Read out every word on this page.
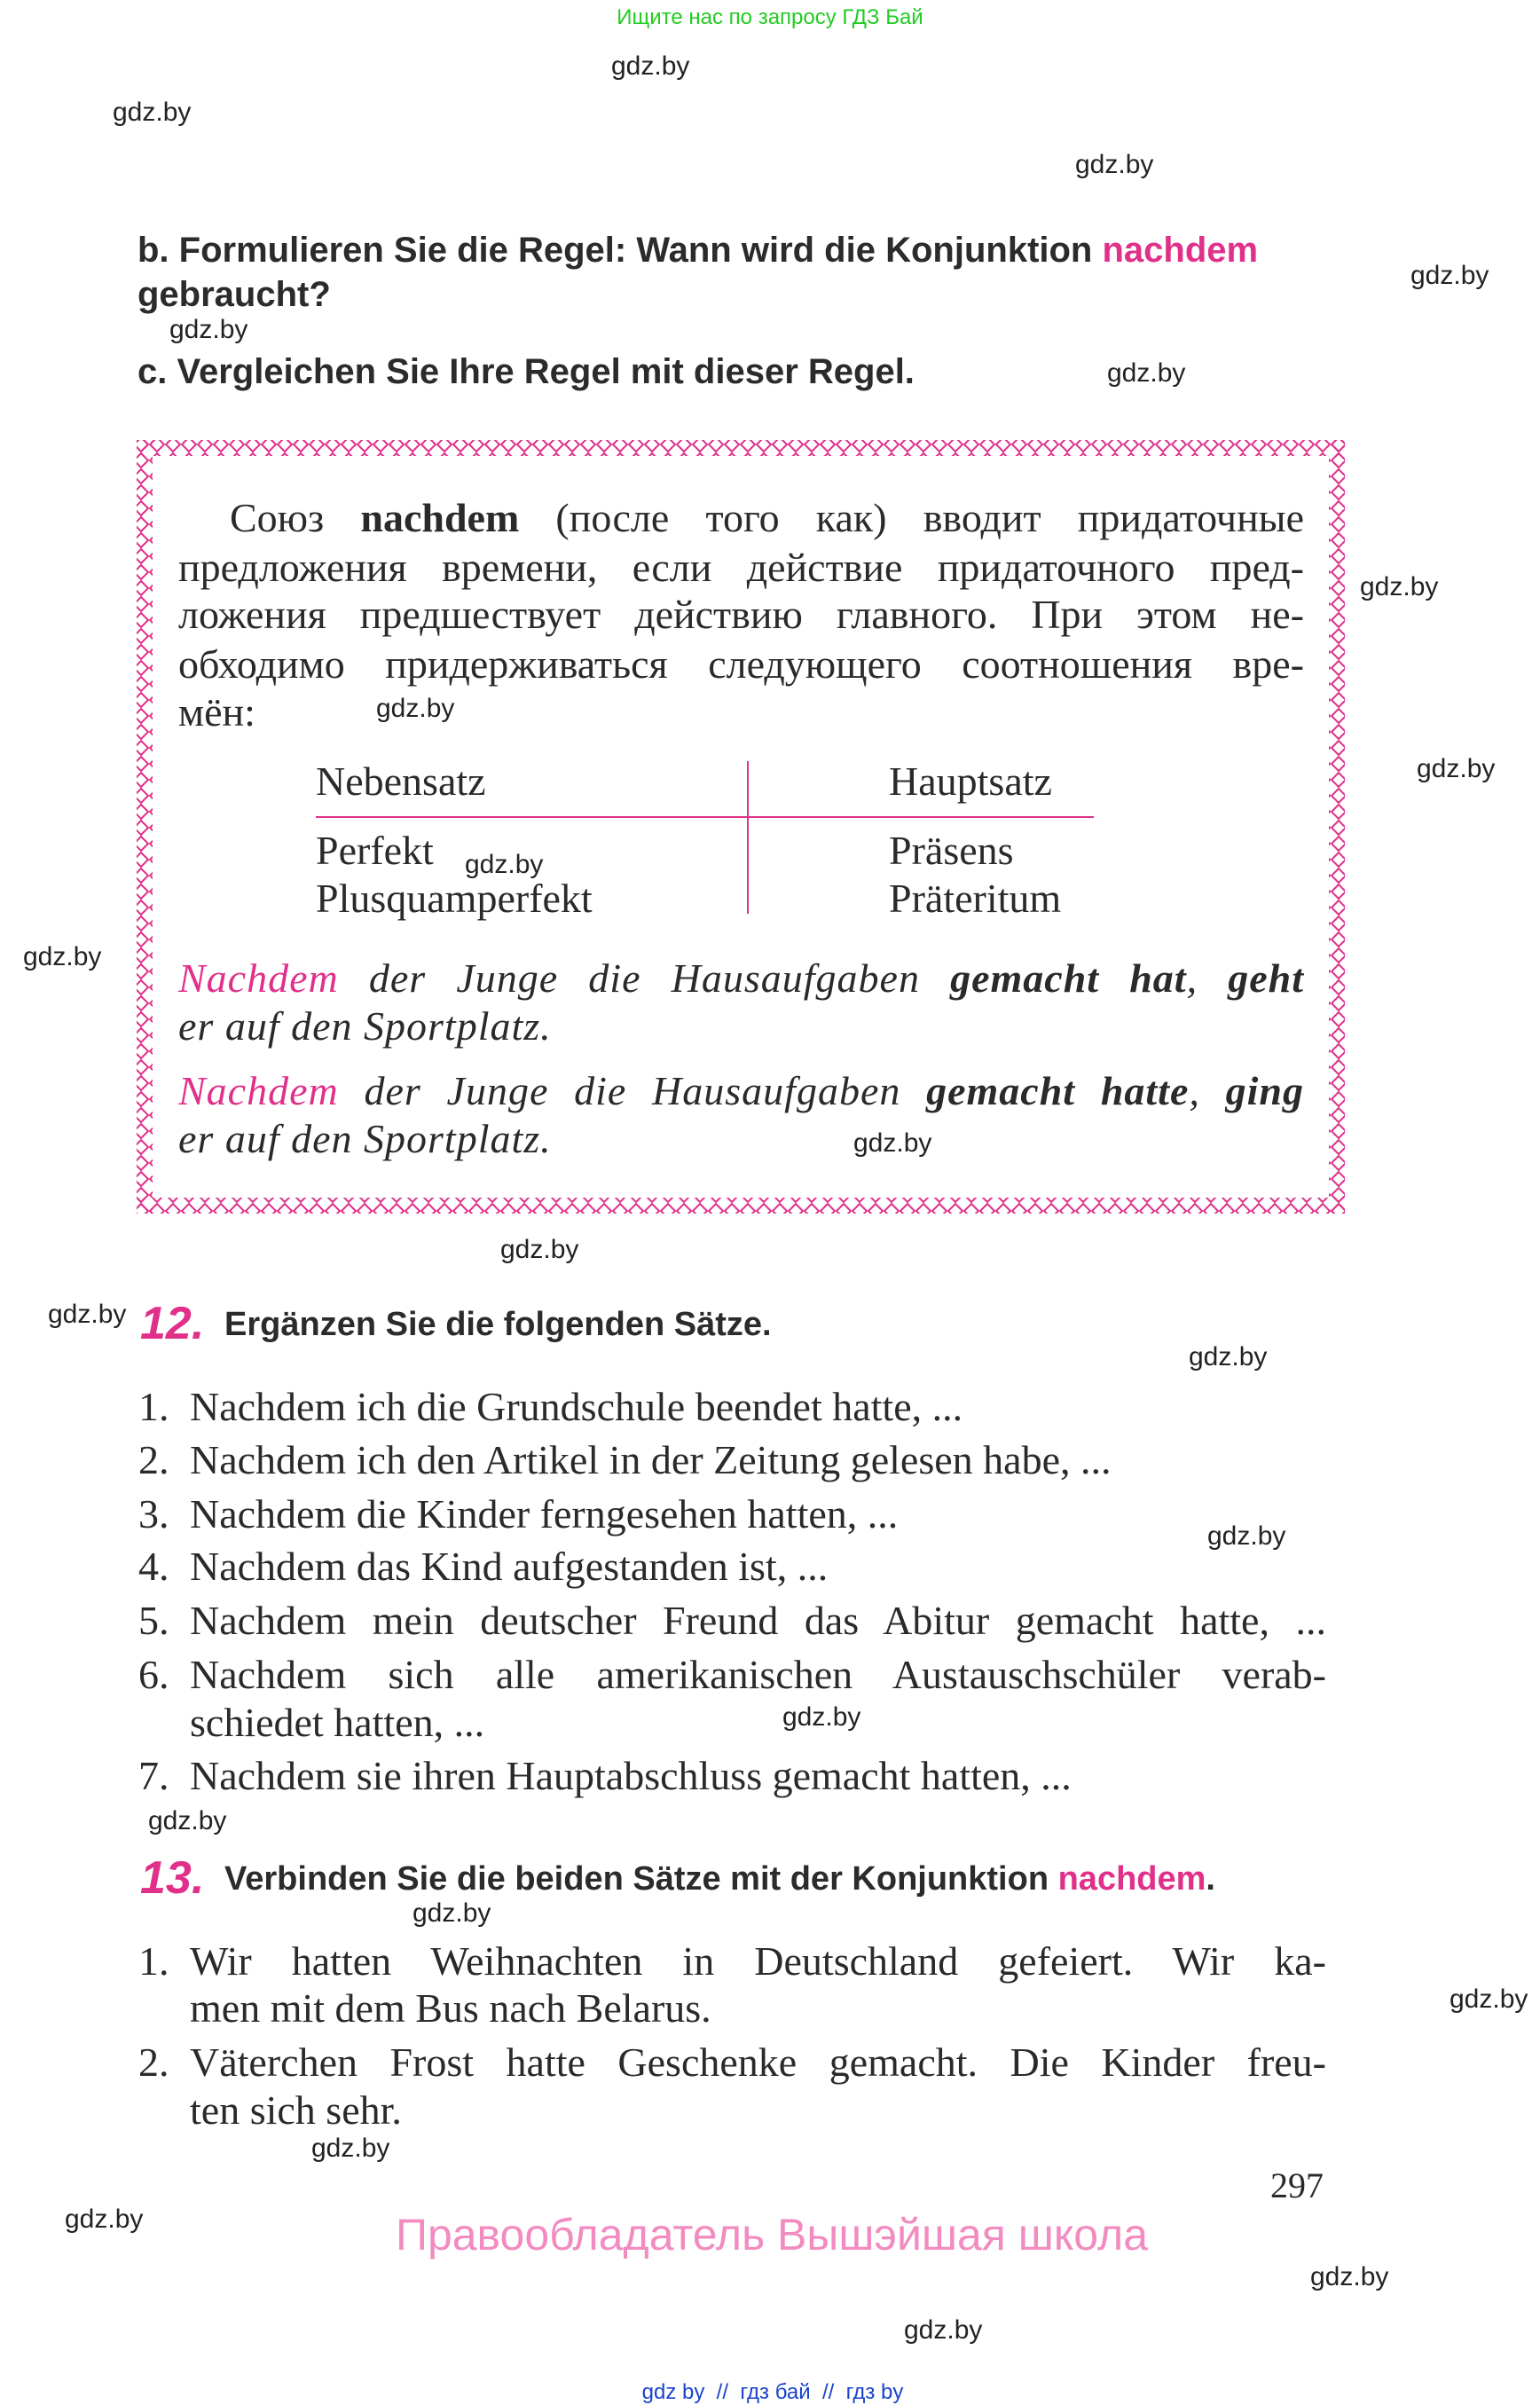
Ищите нас по запросу ГДЗ Бай
gdz.by
gdz.by
gdz.by
gdz.by
gdz.by
gdz.by
gdz.by
gdz.by
gdz.by
gdz.by
gdz.by
gdz.by
gdz.by
gdz.by
gdz.by
gdz.by
gdz.by
gdz.by
gdz.by
gdz.by
gdz.by
gdz.by
gdz.by
gdz.by
b. Formulieren Sie die Regel: Wann wird die Konjunktion nachdem
gebraucht?
c. Vergleichen Sie Ihre Regel mit dieser Regel.
Союз nachdem (после того как) вводит придаточные
предложения времени, если действие придаточного пред-
ложения предшествует действию главного. При этом не-
обходимо придерживаться следующего соотношения вре-
мён:
Nebensatz	Hauptsatz
Perfekt	Präsens
Plusquamperfekt	Präteritum
Nachdem der Junge die Hausaufgaben gemacht hat, geht
er auf den Sportplatz.
Nachdem der Junge die Hausaufgaben gemacht hatte, ging
er auf den Sportplatz.
12. Ergänzen Sie die folgenden Sätze.
1. Nachdem ich die Grundschule beendet hatte, ...
2. Nachdem ich den Artikel in der Zeitung gelesen habe, ...
3. Nachdem die Kinder ferngesehen hatten, ...
4. Nachdem das Kind aufgestanden ist, ...
5. Nachdem mein deutscher Freund das Abitur gemacht hatte, ...
6. Nachdem sich alle amerikanischen Austauschschüler verab-
schiedet hatten, ...
7. Nachdem sie ihren Hauptabschluss gemacht hatten, ...
13. Verbinden Sie die beiden Sätze mit der Konjunktion nachdem.
1. Wir hatten Weihnachten in Deutschland gefeiert. Wir ka-
men mit dem Bus nach Belarus.
2. Väterchen Frost hatte Geschenke gemacht. Die Kinder freu-
ten sich sehr.
297
Правообладатель Вышэйшая школа
gdz by  //  гдз бай  //  гдз by
